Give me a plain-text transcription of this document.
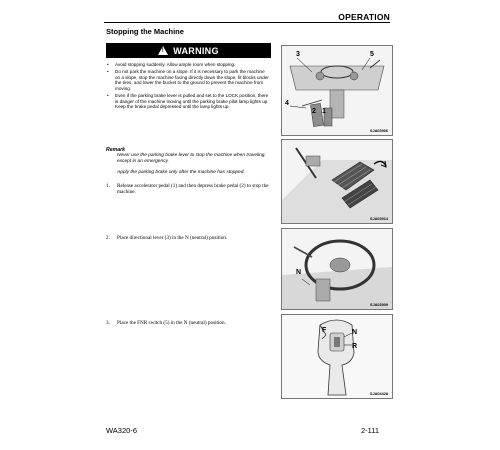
OPERATION
Stopping the Machine
! WARNING
• Avoid stopping suddenly. Allow ample room when stopping.
• Do not park the machine on a slope. If it is necessary to park the machine on a slope, stop the machine facing directly down the slope, fit blocks under the tires, and lower the bucket to the ground to prevent the machine from moving.
• Even if the parking brake lever is pulled and set to the LOCK position, there is danger of the machine moving until the parking brake pilot lamp lights up. Keep the brake pedal depressed until the lamp lights up.
3	5
4
2 1
SJA03906
SJA03914
N
SJA03909
F	N
R
SJA04428
Remark
Never use the parking brake lever to stop the machine when traveling, except in an emergency.
Apply the parking brake only after the machine has stopped.
1.	Release accelerator pedal (1) and then depress brake pedal (2) to stop the machine.
2.	Place directional lever (3) in the N (neutral) position.
3.	Place the FNR switch (5) in the N (neutral) position.
WA320-6	2-111
